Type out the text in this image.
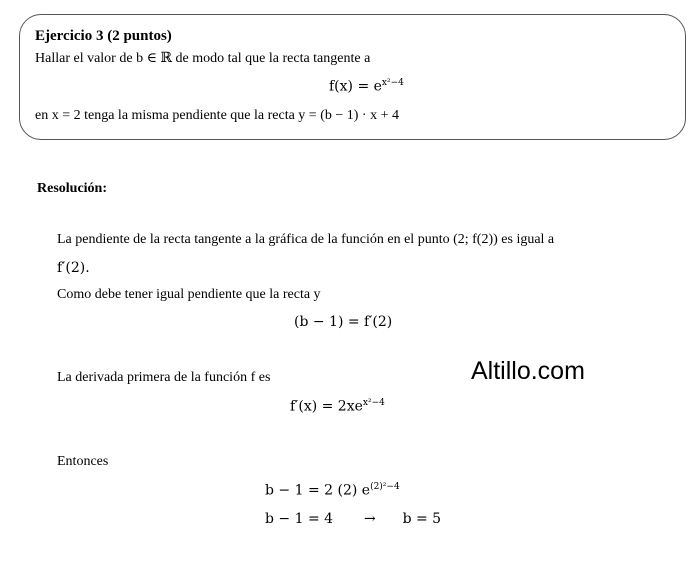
Ejercicio 3 (2 puntos)
Hallar el valor de b ∈ ℝ de modo tal que la recta tangente a
$f(x) = e^{x^2-4}$
en x = 2 tenga la misma pendiente que la recta y = (b − 1) · x + 4
Resolución:
La pendiente de la recta tangente a la gráfica de la función en el punto (2; f(2)) es igual a
f′(2).
Como debe tener igual pendiente que la recta y
(b − 1) = f′(2)
La derivada primera de la función f es	Altillo.com
$f'(x) = 2xe^{x^2-4}$
Entonces
b − 1 = 2 (2) $e^{(2)^2-4}$
b − 1 = 4 → b = 5
